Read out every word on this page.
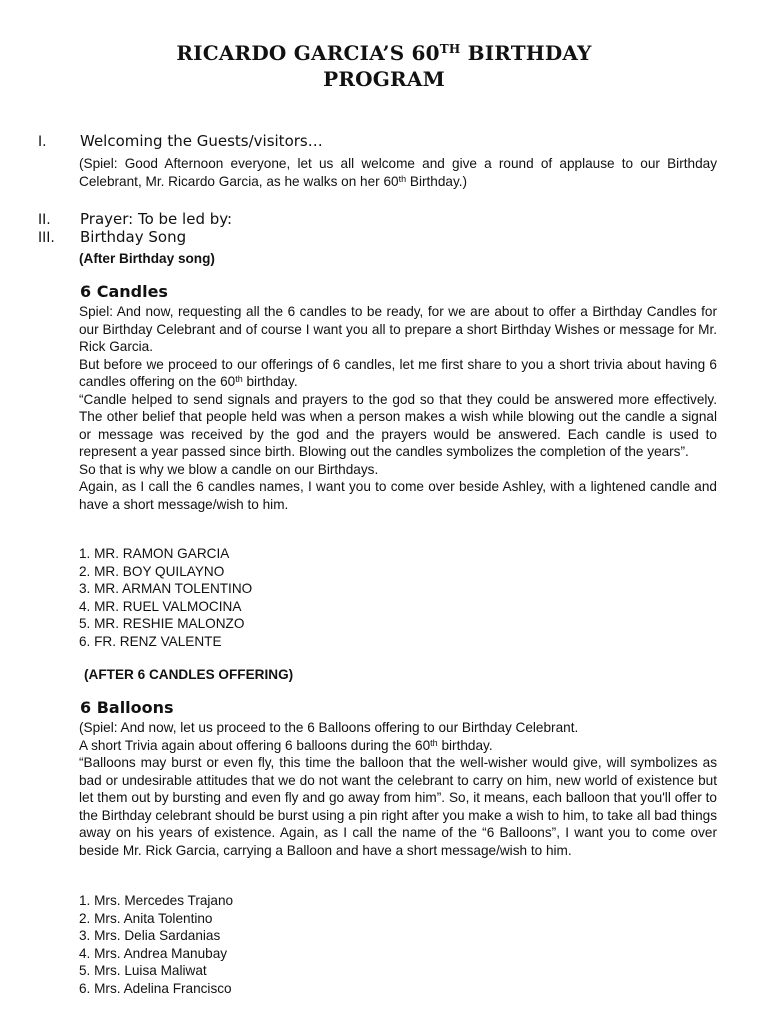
RICARDO GARCIA’S 60TH BIRTHDAY
PROGRAM
I. Welcoming the Guests/visitors…
(Spiel: Good Afternoon everyone, let us all welcome and give a round of applause to our Birthday Celebrant, Mr. Ricardo Garcia, as he walks on her 60th Birthday.)
II. Prayer: To be led by:
III. Birthday Song
(After Birthday song)
6 Candles
Spiel: And now, requesting all the 6 candles to be ready, for we are about to offer a Birthday Candles for our Birthday Celebrant and of course I want you all to prepare a short Birthday Wishes or message for Mr. Rick Garcia.
But before we proceed to our offerings of 6 candles, let me first share to you a short trivia about having 6 candles offering on the 60th birthday.
“Candle helped to send signals and prayers to the god so that they could be answered more effectively. The other belief that people held was when a person makes a wish while blowing out the candle a signal or message was received by the god and the prayers would be answered. Each candle is used to represent a year passed since birth. Blowing out the candles symbolizes the completion of the years”.
So that is why we blow a candle on our Birthdays.
Again, as I call the 6 candles names, I want you to come over beside Ashley, with a lightened candle and have a short message/wish to him.
1. MR. RAMON GARCIA
2. MR. BOY QUILAYNO
3. MR. ARMAN TOLENTINO
4. MR. RUEL VALMOCINA
5. MR. RESHIE MALONZO
6. FR. RENZ VALENTE
(AFTER 6 CANDLES OFFERING)
6 Balloons
(Spiel: And now, let us proceed to the 6 Balloons offering to our Birthday Celebrant.
A short Trivia again about offering 6 balloons during the 60th birthday.
“Balloons may burst or even fly, this time the balloon that the well-wisher would give, will symbolizes as bad or undesirable attitudes that we do not want the celebrant to carry on him, new world of existence but let them out by bursting and even fly and go away from him”. So, it means, each balloon that you'll offer to the Birthday celebrant should be burst using a pin right after you make a wish to him, to take all bad things away on his years of existence. Again, as I call the name of the “6 Balloons”, I want you to come over beside Mr. Rick Garcia, carrying a Balloon and have a short message/wish to him.
1. Mrs. Mercedes Trajano
2. Mrs. Anita Tolentino
3. Mrs. Delia Sardanias
4. Mrs. Andrea Manubay
5. Mrs. Luisa Maliwat
6. Mrs. Adelina Francisco
